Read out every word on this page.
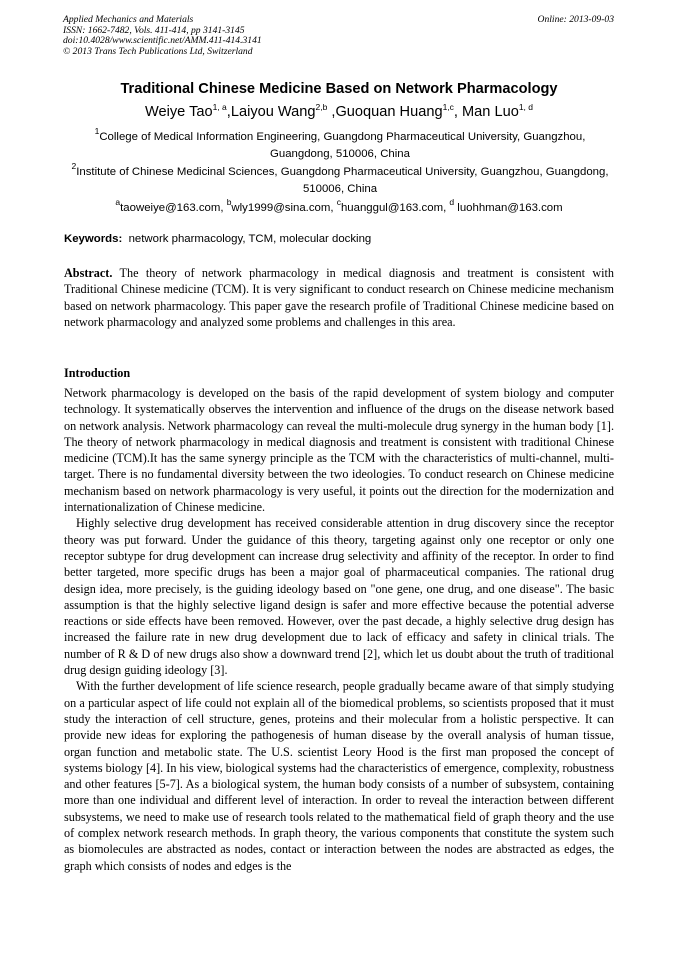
Applied Mechanics and Materials
ISSN: 1662-7482, Vols. 411-414, pp 3141-3145
doi:10.4028/www.scientific.net/AMM.411-414.3141
© 2013 Trans Tech Publications Ltd, Switzerland
Online: 2013-09-03
Traditional Chinese Medicine Based on Network Pharmacology
Weiye Tao$^{1, a}$,Laiyou Wang$^{2,b}$ ,Guoquan Huang$^{1,c}$, Man Luo$^{1, d}$
$^1$College of Medical Information Engineering, Guangdong Pharmaceutical University, Guangzhou, Guangdong, 510006, China
$^2$Institute of Chinese Medicinal Sciences, Guangdong Pharmaceutical University, Guangzhou, Guangdong, 510006, China
$^a$taoweiye@163.com, $^b$wly1999@sina.com, $^c$huanggul@163.com, $^d$ luohhman@163.com
Keywords: network pharmacology, TCM, molecular docking
Abstract. The theory of network pharmacology in medical diagnosis and treatment is consistent with Traditional Chinese medicine (TCM). It is very significant to conduct research on Chinese medicine mechanism based on network pharmacology. This paper gave the research profile of Traditional Chinese medicine based on network pharmacology and analyzed some problems and challenges in this area.
Introduction

Network pharmacology is developed on the basis of the rapid development of system biology and computer technology. It systematically observes the intervention and influence of the drugs on the disease network based on network analysis. Network pharmacology can reveal the multi-molecule drug synergy in the human body [1]. The theory of network pharmacology in medical diagnosis and treatment is consistent with traditional Chinese medicine (TCM).It has the same synergy principle as the TCM with the characteristics of multi-channel, multi-target. There is no fundamental diversity between the two ideologies. To conduct research on Chinese medicine mechanism based on network pharmacology is very useful, it points out the direction for the modernization and internationalization of Chinese medicine.

Highly selective drug development has received considerable attention in drug discovery since the receptor theory was put forward. Under the guidance of this theory, targeting against only one receptor or only one receptor subtype for drug development can increase drug selectivity and affinity of the receptor. In order to find better targeted, more specific drugs has been a major goal of pharmaceutical companies. The rational drug design idea, more precisely, is the guiding ideology based on "one gene, one drug, and one disease". The basic assumption is that the highly selective ligand design is safer and more effective because the potential adverse reactions or side effects have been removed. However, over the past decade, a highly selective drug design has increased the failure rate in new drug development due to lack of efficacy and safety in clinical trials. The number of R & D of new drugs also show a downward trend [2], which let us doubt about the truth of traditional drug design guiding ideology [3].

With the further development of life science research, people gradually became aware of that simply studying on a particular aspect of life could not explain all of the biomedical problems, so scientists proposed that it must study the interaction of cell structure, genes, proteins and their molecular from a holistic perspective. It can provide new ideas for exploring the pathogenesis of human disease by the overall analysis of human tissue, organ function and metabolic state. The U.S. scientist Leory Hood is the first man proposed the concept of systems biology [4]. In his view, biological systems had the characteristics of emergence, complexity, robustness and other features [5-7]. As a biological system, the human body consists of a number of subsystem, containing more than one individual and different level of interaction. In order to reveal the interaction between different subsystems, we need to make use of research tools related to the mathematical field of graph theory and the use of complex network research methods. In graph theory, the various components that constitute the system such as biomolecules are abstracted as nodes, contact or interaction between the nodes are abstracted as edges, the graph which consists of nodes and edges is the
